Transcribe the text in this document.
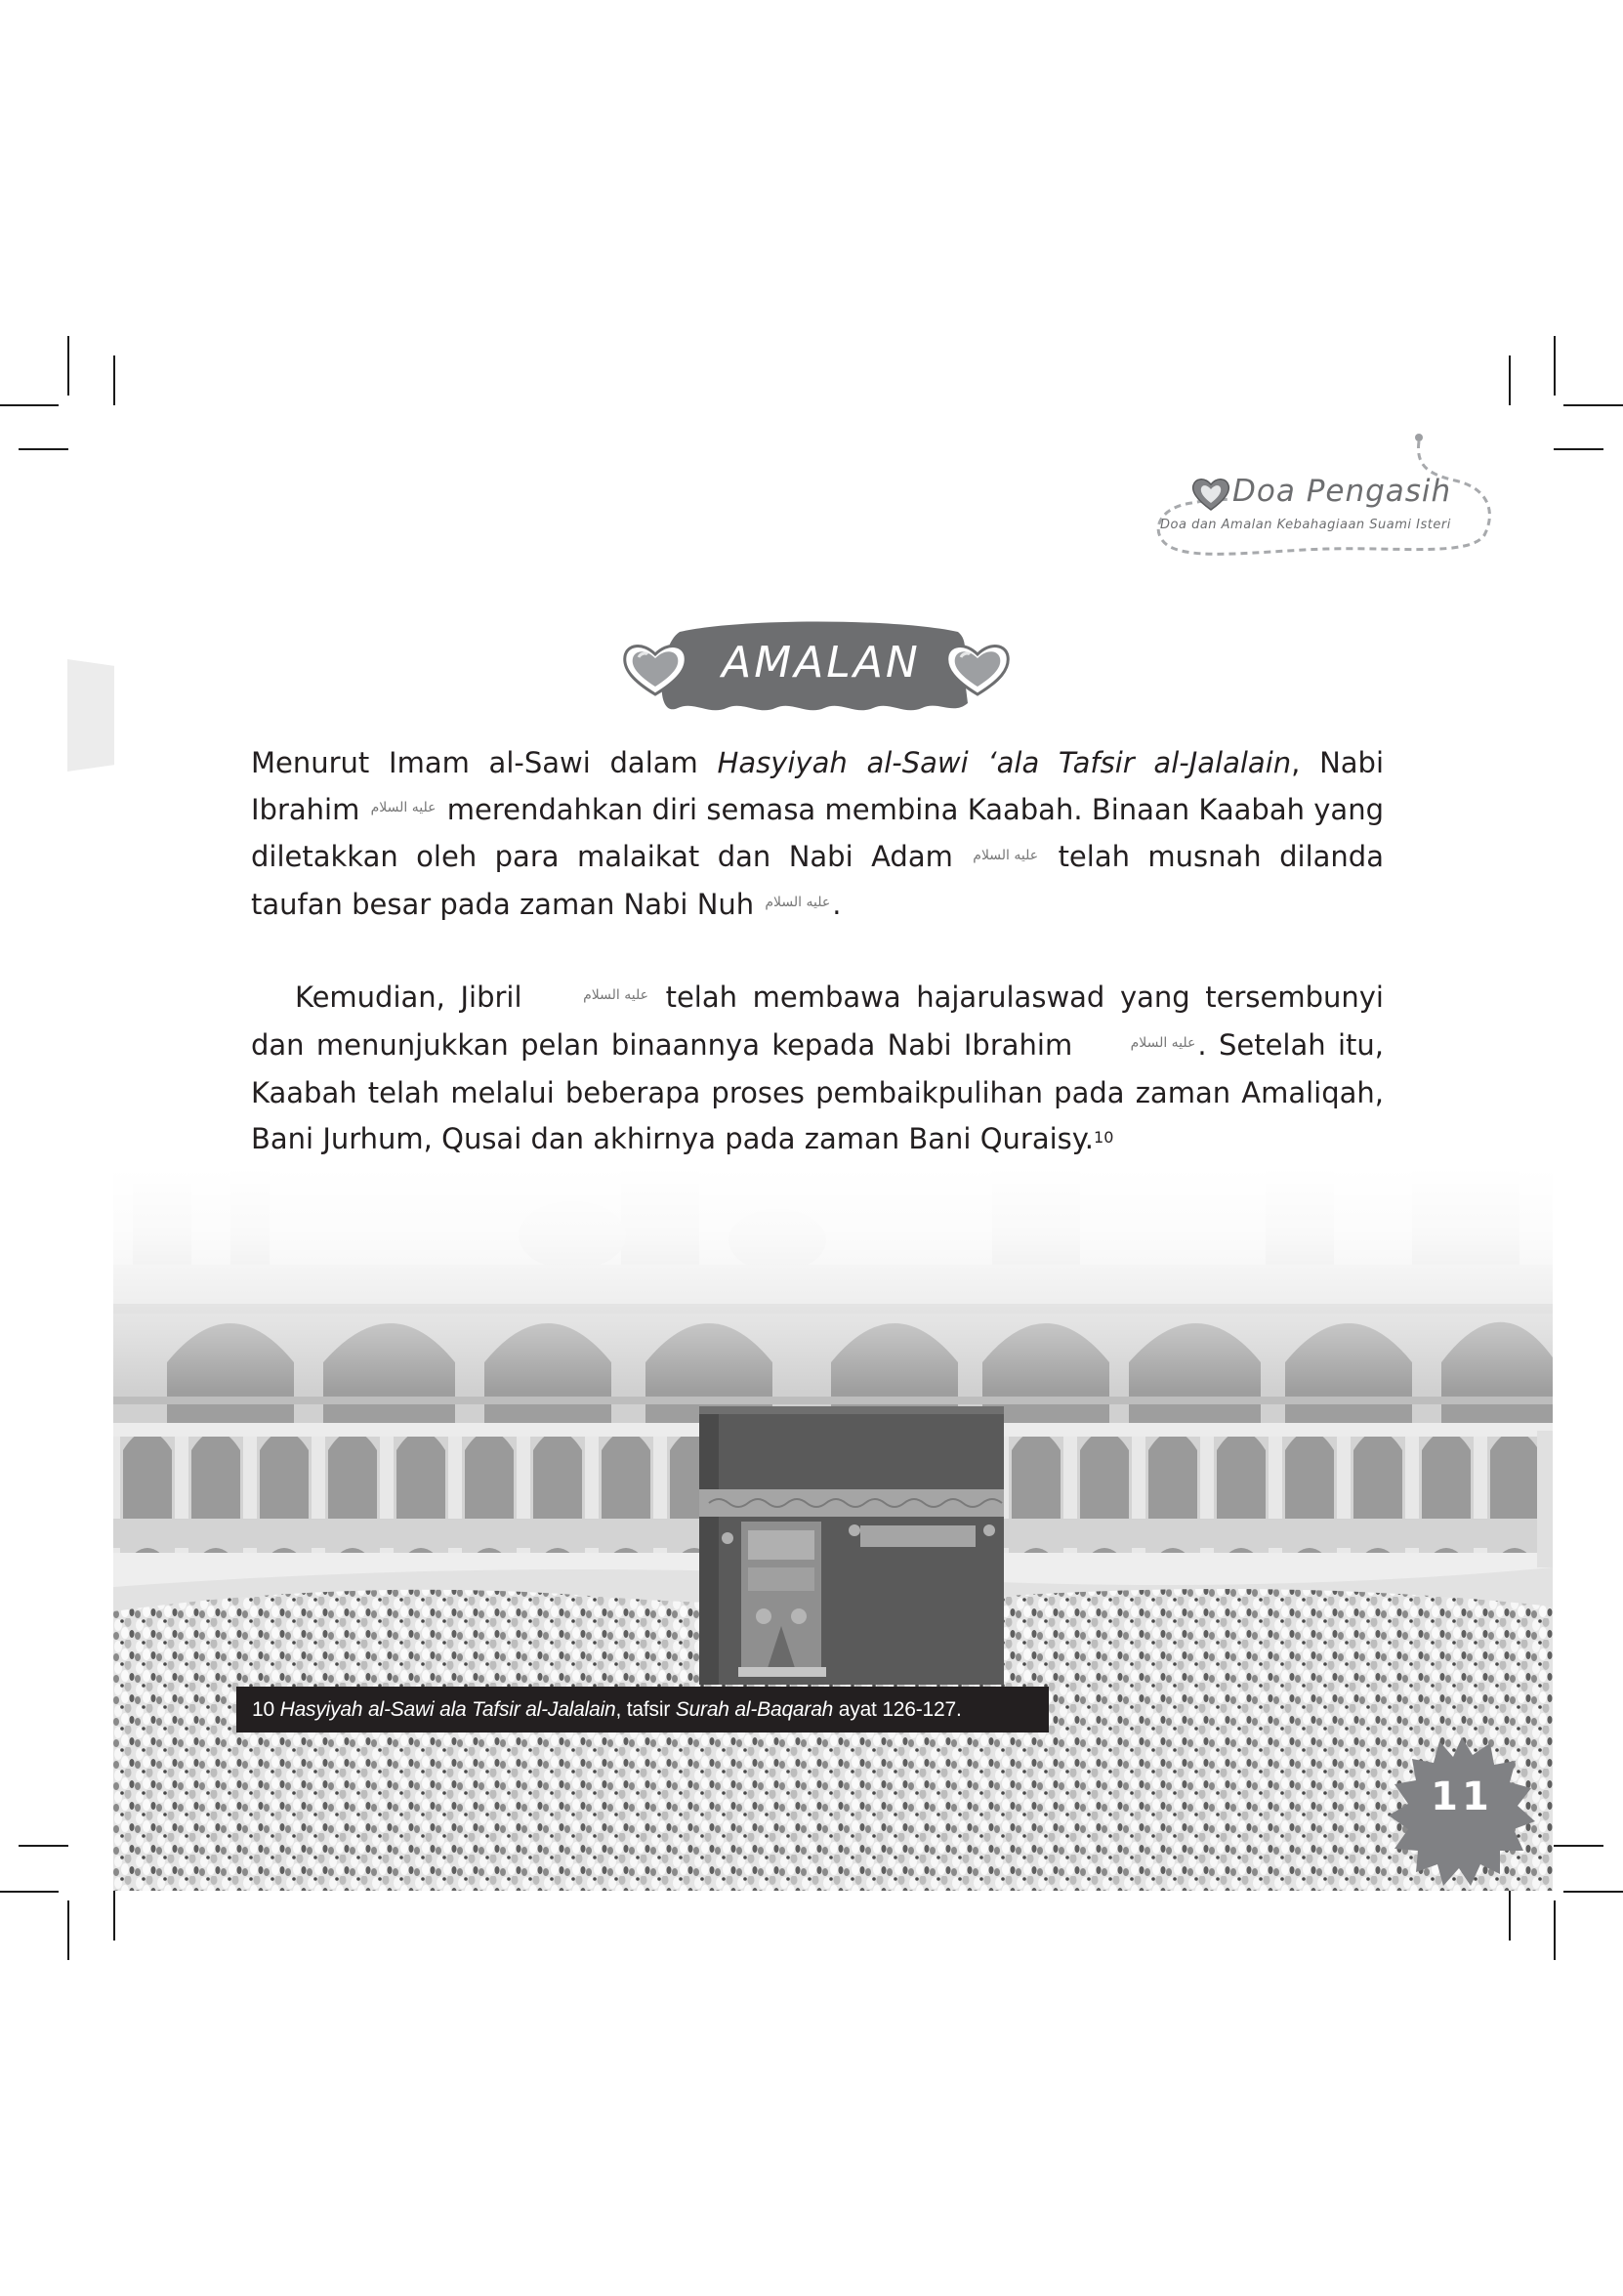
Doa Pengasih
Doa dan Amalan Kebahagiaan Suami Isteri
AMALAN

Menurut Imam al-Sawi dalam Hasyiyah al-Sawi ‘ala Tafsir al-Jalalain, Nabi Ibrahim عليه السلام merendahkan diri semasa membina Kaabah. Binaan Kaabah yang diletakkan oleh para malaikat dan Nabi Adam عليه السلام telah musnah dilanda taufan besar pada zaman Nabi Nuh عليه السلام.

Kemudian, Jibril	عليه السلام telah membawa hajarulaswad yang tersembunyi dan menunjukkan pelan binaannya kepada Nabi Ibrahim	عليه السلام. Setelah itu, Kaabah telah melalui beberapa proses pembaikpulihan pada zaman Amaliqah, Bani Jurhum, Qusai dan akhirnya pada zaman Bani Quraisy.$^{10}$

10 Hasyiyah al-Sawi ala Tafsir al-Jalalain, tafsir Surah al-Baqarah ayat 126-127.
11
